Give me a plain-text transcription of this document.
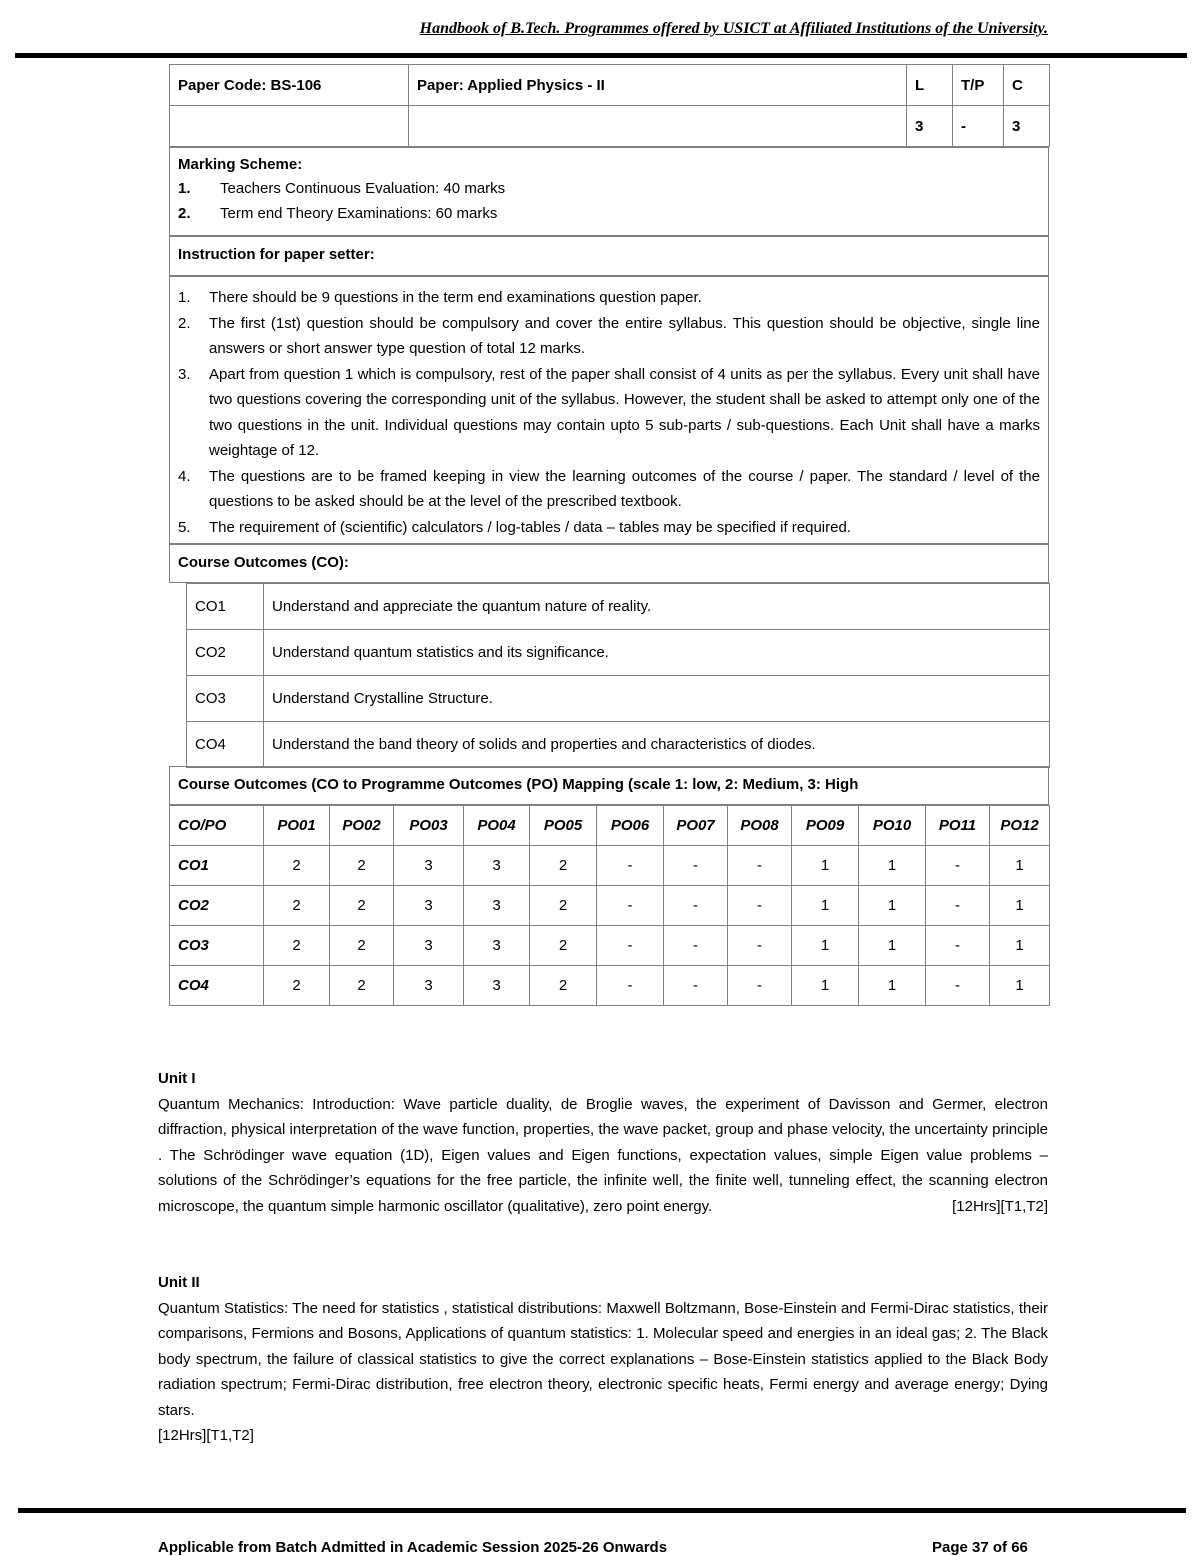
Handbook of B.Tech. Programmes offered by USICT at Affiliated Institutions of the University.
Paper Code: BS-106	Paper: Applied Physics - II	L	T/P	C
		3	-	3
Marking Scheme:
1. Teachers Continuous Evaluation: 40 marks
2. Term end Theory Examinations: 60 marks
Instruction for paper setter:
1. There should be 9 questions in the term end examinations question paper.
2. The first (1st) question should be compulsory and cover the entire syllabus. This question should be objective, single line answers or short answer type question of total 12 marks.
3. Apart from question 1 which is compulsory, rest of the paper shall consist of 4 units as per the syllabus. Every unit shall have two questions covering the corresponding unit of the syllabus. However, the student shall be asked to attempt only one of the two questions in the unit. Individual questions may contain upto 5 sub-parts / sub-questions. Each Unit shall have a marks weightage of 12.
4. The questions are to be framed keeping in view the learning outcomes of the course / paper. The standard / level of the questions to be asked should be at the level of the prescribed textbook.
5. The requirement of (scientific) calculators / log-tables / data – tables may be specified if required.
Course Outcomes (CO):
CO1	Understand and appreciate the quantum nature of reality.
CO2	Understand quantum statistics and its significance.
CO3	Understand Crystalline Structure.
CO4	Understand the band theory of solids and properties and characteristics of diodes.
Course Outcomes (CO to Programme Outcomes (PO) Mapping (scale 1: low, 2: Medium, 3: High
CO/PO	PO01	PO02	PO03	PO04	PO05	PO06	PO07	PO08	PO09	PO10	PO11	PO12
CO1	2	2	3	3	2	-	-	-	1	1	-	1
CO2	2	2	3	3	2	-	-	-	1	1	-	1
CO3	2	2	3	3	2	-	-	-	1	1	-	1
CO4	2	2	3	3	2	-	-	-	1	1	-	1
Unit I
Quantum Mechanics: Introduction: Wave particle duality, de Broglie waves, the experiment of Davisson and Germer, electron diffraction, physical interpretation of the wave function, properties, the wave packet, group and phase velocity, the uncertainty principle . The Schrödinger wave equation (1D), Eigen values and Eigen functions, expectation values, simple Eigen value problems – solutions of the Schrödinger’s equations for the free particle, the infinite well, the finite well, tunneling effect, the scanning electron microscope, the quantum simple harmonic oscillator (qualitative), zero point energy.	[12Hrs][T1,T2]
Unit II
Quantum Statistics: The need for statistics , statistical distributions: Maxwell Boltzmann, Bose-Einstein and Fermi-Dirac statistics, their comparisons, Fermions and Bosons, Applications of quantum statistics: 1. Molecular speed and energies in an ideal gas; 2. The Black body spectrum, the failure of classical statistics to give the correct explanations – Bose-Einstein statistics applied to the Black Body radiation spectrum; Fermi-Dirac distribution, free electron theory, electronic specific heats, Fermi energy and average energy; Dying stars.
[12Hrs][T1,T2]
Applicable from Batch Admitted in Academic Session 2025-26 Onwards	Page 37 of 66
